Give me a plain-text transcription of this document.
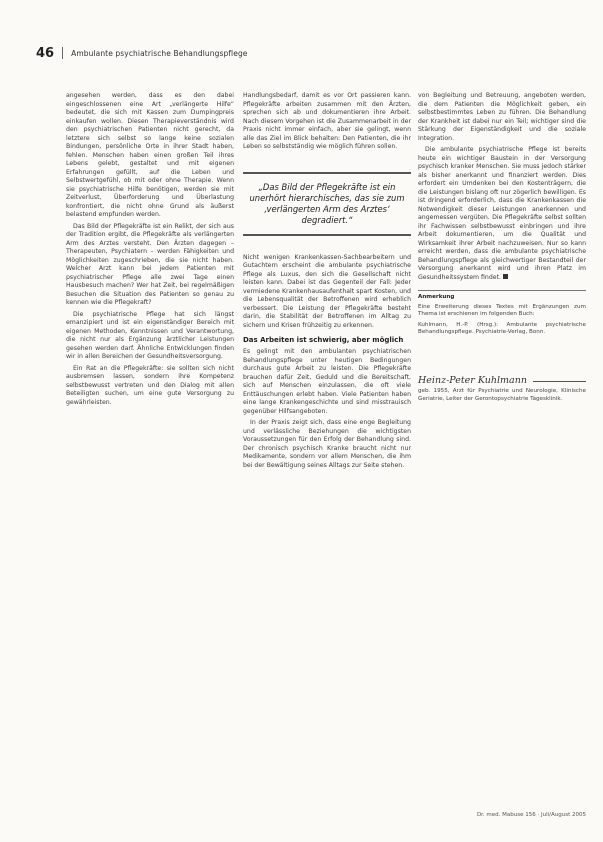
46 Ambulante psychiatrische Behandlungspflege

angesehen werden, dass es den dabei eingeschlossenen eine Art „verlängerte Hilfe“ bedeutet, die sich mit Kassen zum Dumpingpreis einkaufen wollen. Diesen Therapieverständnis wird den psychiatrischen Patienten nicht gerecht, da letztere sich selbst so lange keine sozialen Bindungen, persönliche Orte in ihrer Stadt haben, fehlen. Menschen haben einen großen Teil ihres Lebens gelebt, gestaltet und mit eigenen Erfahrungen gefüllt, auf die Leben und Selbstwertgefühl, ob mit oder ohne Therapie. Wenn sie psychiatrische Hilfe benötigen, werden sie mit Zeitverlust, Überforderung und Überlastung konfrontiert, die nicht ohne Grund als äußerst belastend empfunden werden.

Das Bild der Pflegekräfte ist ein Relikt, der sich aus der Tradition ergibt, die Pflegekräfte als verlängerten Arm des Arztes versteht. Den Ärzten dagegen – Therapeuten, Psychiatern – werden Fähigkeiten und Möglichkeiten zugeschrieben, die sie nicht haben. Welcher Arzt kann bei jedem Patienten mit psychiatrischer Pflege alle zwei Tage einen Hausbesuch machen? Wer hat Zeit, bei regelmäßigen Besuchen die Situation des Patienten so genau zu kennen wie die Pflegekraft?

Die psychiatrische Pflege hat sich längst emanzipiert und ist ein eigenständiger Bereich mit eigenen Methoden, Kenntnissen und Verantwortung, die nicht nur als Ergänzung ärztlicher Leistungen gesehen werden darf. Ähnliche Entwicklungen finden wir in allen Bereichen der Gesundheitsversorgung.

Ein Rat an die Pflegekräfte: sie sollten sich nicht ausbremsen lassen, sondern ihre Kompetenz selbstbewusst vertreten und den Dialog mit allen Beteiligten suchen, um eine gute Versorgung zu gewährleisten.

Handlungsbedarf, damit es vor Ort passieren kann. Pflegekräfte arbeiten zusammen mit den Ärzten, sprechen sich ab und dokumentieren ihre Arbeit. Nach diesem Vorgehen ist die Zusammenarbeit in der Praxis nicht immer einfach, aber sie gelingt, wenn alle das Ziel im Blick behalten: Den Patienten, die ihr Leben so selbstständig wie möglich führen sollen.

„Das Bild der Pflegekräfte ist ein unerhört hierarchisches, das sie zum ‚verlängerten Arm des Arztes‘ degradiert.“

Nicht wenigen Krankenkassen-Sachbearbeitern und Gutachtern erscheint die ambulante psychiatrische Pflege als Luxus, den sich die Gesellschaft nicht leisten kann. Dabei ist das Gegenteil der Fall: Jeder vermiedene Krankenhausaufenthalt spart Kosten, und die Lebensqualität der Betroffenen wird erheblich verbessert. Die Leistung der Pflegekräfte besteht darin, die Stabilität der Betroffenen im Alltag zu sichern und Krisen frühzeitig zu erkennen.

Das Arbeiten ist schwierig, aber möglich

Es gelingt mit den ambulanten psychiatrischen Behandlungspflege unter heutigen Bedingungen durchaus gute Arbeit zu leisten. Die Pflegekräfte brauchen dafür Zeit, Geduld und die Bereitschaft, sich auf Menschen einzulassen, die oft viele Enttäuschungen erlebt haben. Viele Patienten haben eine lange Krankengeschichte und sind misstrauisch gegenüber Hilfsangeboten.

In der Praxis zeigt sich, dass eine enge Begleitung und verlässliche Beziehungen die wichtigsten Voraussetzungen für den Erfolg der Behandlung sind. Der chronisch psychisch Kranke braucht nicht nur Medikamente, sondern vor allem Menschen, die ihm bei der Bewältigung seines Alltags zur Seite stehen.

von Begleitung und Betreuung, angeboten werden, die dem Patienten die Möglichkeit geben, ein selbstbestimmtes Leben zu führen. Die Behandlung der Krankheit ist dabei nur ein Teil; wichtiger sind die Stärkung der Eigenständigkeit und die soziale Integration.

Die ambulante psychiatrische Pflege ist bereits heute ein wichtiger Baustein in der Versorgung psychisch kranker Menschen. Sie muss jedoch stärker als bisher anerkannt und finanziert werden. Dies erfordert ein Umdenken bei den Kostenträgern, die die Leistungen bislang oft nur zögerlich bewilligen. Es ist dringend erforderlich, dass die Krankenkassen die Notwendigkeit dieser Leistungen anerkennen und angemessen vergüten. Die Pflegekräfte selbst sollten ihr Fachwissen selbstbewusst einbringen und ihre Arbeit dokumentieren, um die Qualität und Wirksamkeit ihrer Arbeit nachzuweisen. Nur so kann erreicht werden, dass die ambulante psychiatrische Behandlungspflege als gleichwertiger Bestandteil der Versorgung anerkannt wird und ihren Platz im Gesundheitssystem findet.

Anmerkung
Eine Erweiterung dieses Textes mit Ergänzungen zum Thema ist erschienen im folgenden Buch:
Kuhlmann, H.-P. (Hrsg.): Ambulante psychiatrische Behandlungspflege. Psychiatrie-Verlag, Bonn.
Heinz-Peter Kuhlmann
geb. 1955, Arzt für Psychiatrie und Neurologie, Klinische Geriatrie, Leiter der Gerontopsychiatrie Tagesklinik.
Dr. med. Mabuse 156 · Juli/August 2005
